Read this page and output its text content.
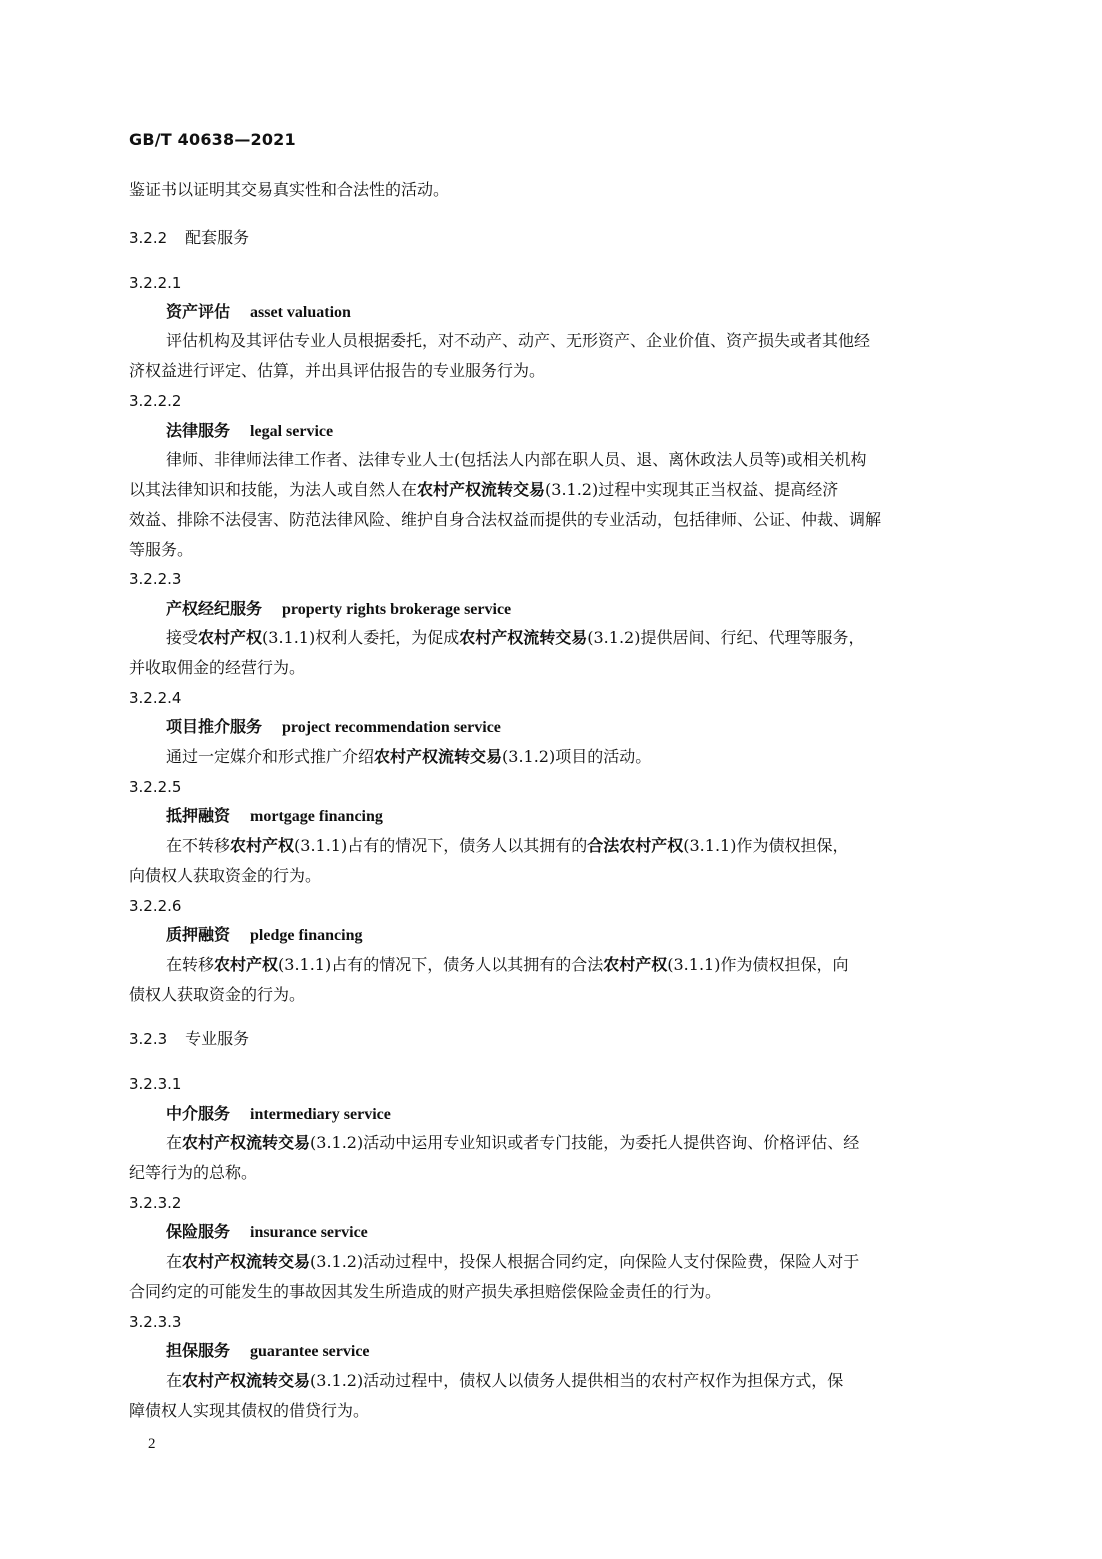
GB/T 40638—2021
鉴证书以证明其交易真实性和合法性的活动。
3.2.2 配套服务
3.2.2.1
资产评估 asset valuation
评估机构及其评估专业人员根据委托，对不动产、动产、无形资产、企业价值、资产损失或者其他经
济权益进行评定、估算，并出具评估报告的专业服务行为。
3.2.2.2
法律服务 legal service
律师、非律师法律工作者、法律专业人士(包括法人内部在职人员、退、离休政法人员等)或相关机构
以其法律知识和技能，为法人或自然人在农村产权流转交易(3.1.2)过程中实现其正当权益、提高经济
效益、排除不法侵害、防范法律风险、维护自身合法权益而提供的专业活动，包括律师、公证、仲裁、调解
等服务。
3.2.2.3
产权经纪服务 property rights brokerage service
接受农村产权(3.1.1)权利人委托，为促成农村产权流转交易(3.1.2)提供居间、行纪、代理等服务，
并收取佣金的经营行为。
3.2.2.4
项目推介服务 project recommendation service
通过一定媒介和形式推广介绍农村产权流转交易(3.1.2)项目的活动。
3.2.2.5
抵押融资 mortgage financing
在不转移农村产权(3.1.1)占有的情况下，债务人以其拥有的合法农村产权(3.1.1)作为债权担保，
向债权人获取资金的行为。
3.2.2.6
质押融资 pledge financing
在转移农村产权(3.1.1)占有的情况下，债务人以其拥有的合法农村产权(3.1.1)作为债权担保，向
债权人获取资金的行为。
3.2.3 专业服务
3.2.3.1
中介服务 intermediary service
在农村产权流转交易(3.1.2)活动中运用专业知识或者专门技能，为委托人提供咨询、价格评估、经
纪等行为的总称。
3.2.3.2
保险服务 insurance service
在农村产权流转交易(3.1.2)活动过程中，投保人根据合同约定，向保险人支付保险费，保险人对于
合同约定的可能发生的事故因其发生所造成的财产损失承担赔偿保险金责任的行为。
3.2.3.3
担保服务 guarantee service
在农村产权流转交易(3.1.2)活动过程中，债权人以债务人提供相当的农村产权作为担保方式，保
障债权人实现其债权的借贷行为。
2
